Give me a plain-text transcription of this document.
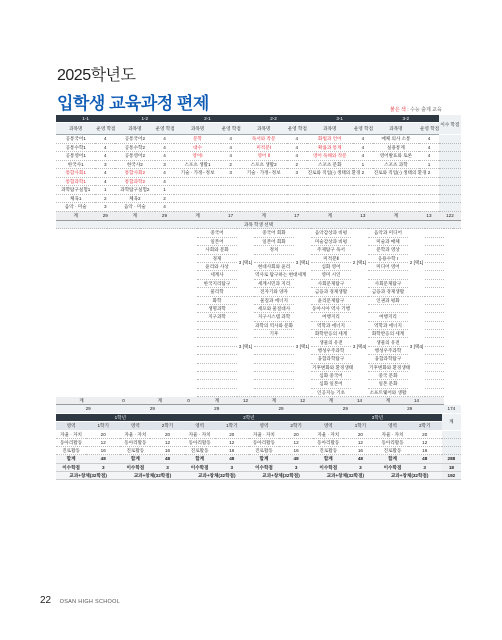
2025학년도
입학생 교육과정 편제	붉은 색 : 수능 출제 교육
1-1		1-2		2-1		2-2		3-1		3-2		이수 학점
과목명	운영 학점	과목명	운영 학점	과목명	운영 학점	과목명	운영 학점	과목명	운영 학점	과목명	운영 학점	
공통국어1	4	공통국어2	4	문학	4	독서와 작문	4	화법과 언어	4	매체 의사 소통	4	
공통수학1	4	공통수학2	4	대수	4	미적분Ⅰ	4	확률과 통계	4	실용통계	4	
공통영어1	4	공통영어2	4	영어Ⅰ	4	영어 Ⅱ	4	영어 독해와 작문	4	영어발표와 토론	4	
한국사1	3	한국사2	3	스포츠 생활1	2	스포츠 생활2	2	스포츠 문화	1	스포츠 과학	1	
통합사회1	4	통합사회2	4	기술 · 가정-·정보	3	기술 · 가정-·정보	3	진로와 직업(-) 생태의 환경	2	진로와 직업(-) 생태의 환경	2	
통합과학1	4	통합과학2	4									
과학탐구실험1	1	과학탐구실험2	1									
체육1	2	체육2	2									
음악 · 미술	3	음악 · 미술	4									
계	29	계	29	계	17	계	17	계	13	계	13	122
과목 학생 선택												
				중국어	3 [택1]	중국어 회화	3 [택1]	음악감상과 비평	2 [택1]	음악과 미디어	2 [택1]	
				일본어		일본어 회화		미술감상과 비평		미술과 매체		
				사회와 문화		정치		주제탐구 독서		문학과 영상		
				경제				미적분Ⅱ		응용수학 I		
				윤리와 사상		현대사회와 윤리		심화 영어		미디어 영어		
				세계사		역사로 탐구하는 현대세계		영미 시인				
				한국지리탐구		세계시민과 지리		사회문제탐구		사회문제탐구		
				물리학		전자기와 양자		금융과 경제생활		금융과 경제생활		
				화학	3 [택1]	물질과 에너지	3 [택1]	윤리문제탐구	3 [택4]	인권과 평화	3 [택4]	
				생명과학		세포와 물질대사		동아시아 역사 기행				
				지구과학		지구시스템 과학		여행지리		여행지리		
						과학의 역사와 문화		역학과 에너지		역학과 에너지		
						기후		화학반응의 세계		화학반응의 세계		
								생물의 유전		생물의 유전		
								행성우주과학		행성우주과학		
								융합과학탐구		융합과학탐구		
								기후변화와 환경생태		기후변화와 환경생태		
								심화 중국어		중국 문화		
								심화 일본어		일본 문화		
								인공지능 기초		소프트웨어와 생활		
계	0	계	0	계	12	계	12	계	14	계	14	
29		29		29		29		29		29		174
1학년				2학년				3학년				계
영역	1학기	영역	2학기	영역	1학기	영역	2학기	영역	1학기	영역	2학기	
자율 · 자치	20	자율 · 자치	20	자율 · 자치	20	자율 · 자치	20	자율 · 자치	20	자율 · 자치	20	
동아리활동	12	동아리활동	12	동아리활동	12	동아리활동	12	동아리활동	12	동아리활동	12	
진로활동	16	진로활동	16	진로활동	16	진로활동	16	진로활동	16	진로활동	16	
합계	48	합계	48	합계	48	합계	48	합계	48	합계	48	288
이수학점	3	이수학점	3	이수학점	3	이수학점	3	이수학점	3	이수학점	3	18
교과+창체(32학점)		교과+창체(32학점)		교과+창체(32학점)		교과+창체(32학점)		교과+창체(32학점)		교과+창체(32학점)		192
22 OSAN HIGH SCHOOL
